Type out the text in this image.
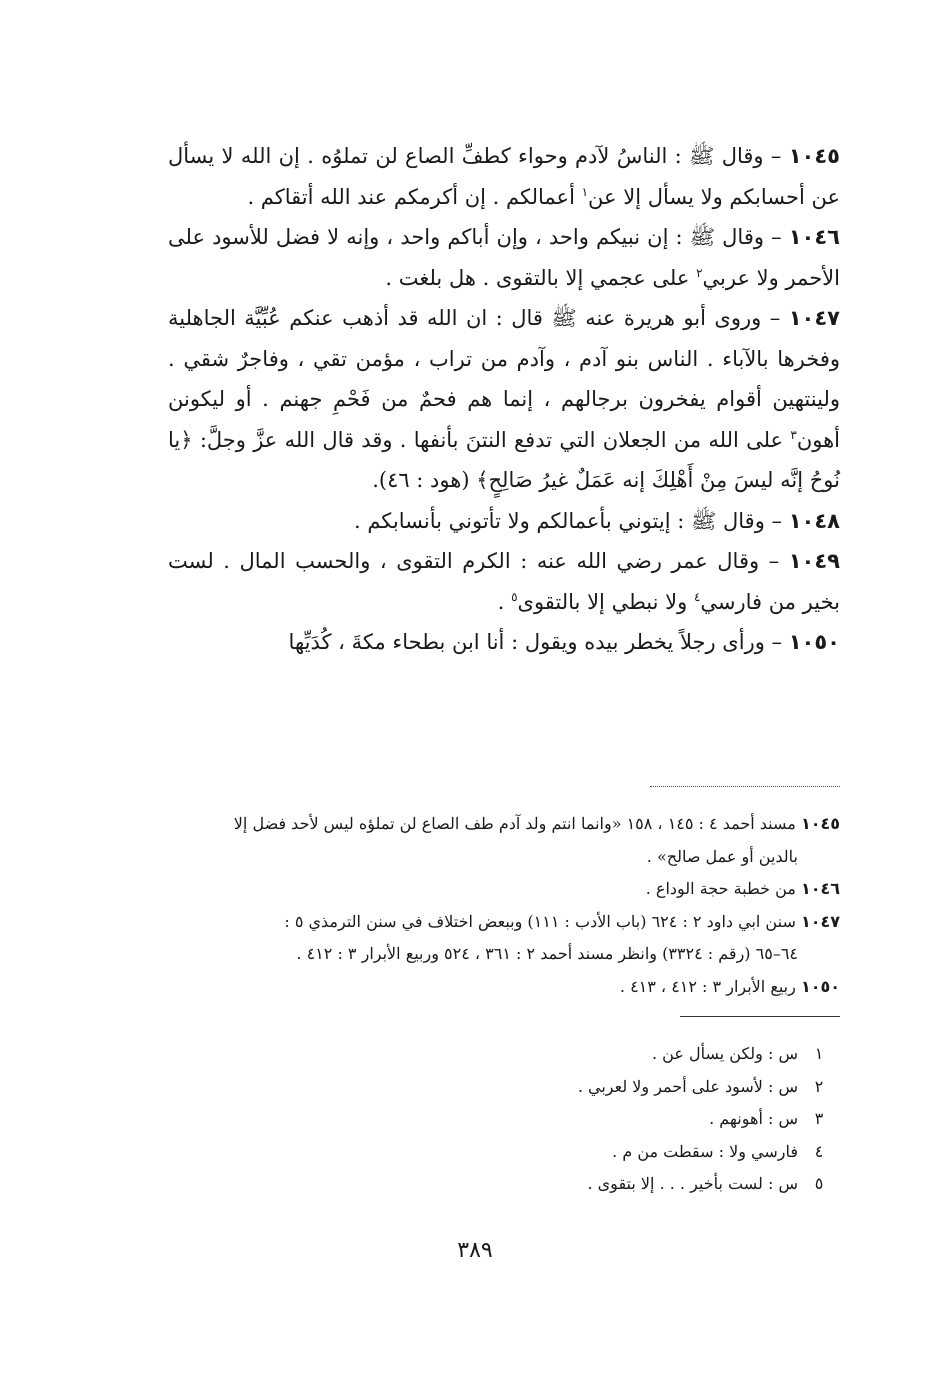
١٠٤٥ – وقال ﷺ : الناسُ لآدم وحواء كطفِّ الصاع لن تملوُه . إن الله لا يسأل عن أحسابكم ولا يسأل إلا عن$^١$ أعمالكم . إن أكرمكم عند الله أتقاكم .

١٠٤٦ – وقال ﷺ : إن نبيكم واحد ، وإن أباكم واحد ، وإنه لا فضل للأسود على الأحمر ولا عربي$^٢$ على عجمي إلا بالتقوى . هل بلغت .

١٠٤٧ – وروى أبو هريرة عنه ﷺ قال : ان الله قد أذهب عنكم عُبِّيَّة الجاهلية وفخرها بالآباء . الناس بنو آدم ، وآدم من تراب ، مؤمن تقي ، وفاجرٌ شقي . ولينتهين أقوام يفخرون برجالهم ، إنما هم فحمٌ من فَحْمِ جهنم . أو ليكونن أهون$^٣$ على الله من الجعلان التي تدفع النتنَ بأنفها . وقد قال الله عزَّ وجلَّ: ﴿يا نُوحُ إنَّه ليسَ مِنْ أَهْلِكَ إنه عَمَلٌ غيرُ صَالِحٍ﴾ (هود : ٤٦).

١٠٤٨ – وقال ﷺ : إيتوني بأعمالكم ولا تأتوني بأنسابكم .

١٠٤٩ – وقال عمر رضي الله عنه : الكرم التقوى ، والحسب المال . لست بخير من فارسي$^٤$ ولا نبطي إلا بالتقوى$^٥$ .

١٠٥٠ – ورأى رجلاً يخطر بيده ويقول : أنا ابن بطحاء مكةَ ، كُدَيِّها

١٠٤٥ مسند أحمد ٤ : ١٤٥ ، ١٥٨ «وانما انتم ولد آدم طف الصاع لن تملؤه ليس لأحد فضل إلا

بالدين أو عمل صالح» .

١٠٤٦ من خطبة حجة الوداع .

١٠٤٧ سنن ابي داود ٢ : ٦٢٤ (باب الأدب : ١١١) وببعض اختلاف في سنن الترمذي ٥ :

٦٤–٦٥ (رقم : ٣٣٢٤) وانظر مسند أحمد ٢ : ٣٦١ ، ٥٢٤ وربيع الأبرار ٣ : ٤١٢ .

١٠٥٠ ربيع الأبرار ٣ : ٤١٢ ، ٤١٣ .

١س : ولكن يسأل عن .

٢س : لأسود على أحمر ولا لعربي .

٣س : أهونهم .

٤فارسي ولا : سقطت من م .

٥س : لست بأخير . . . إلا بتقوى .

٣٨٩
